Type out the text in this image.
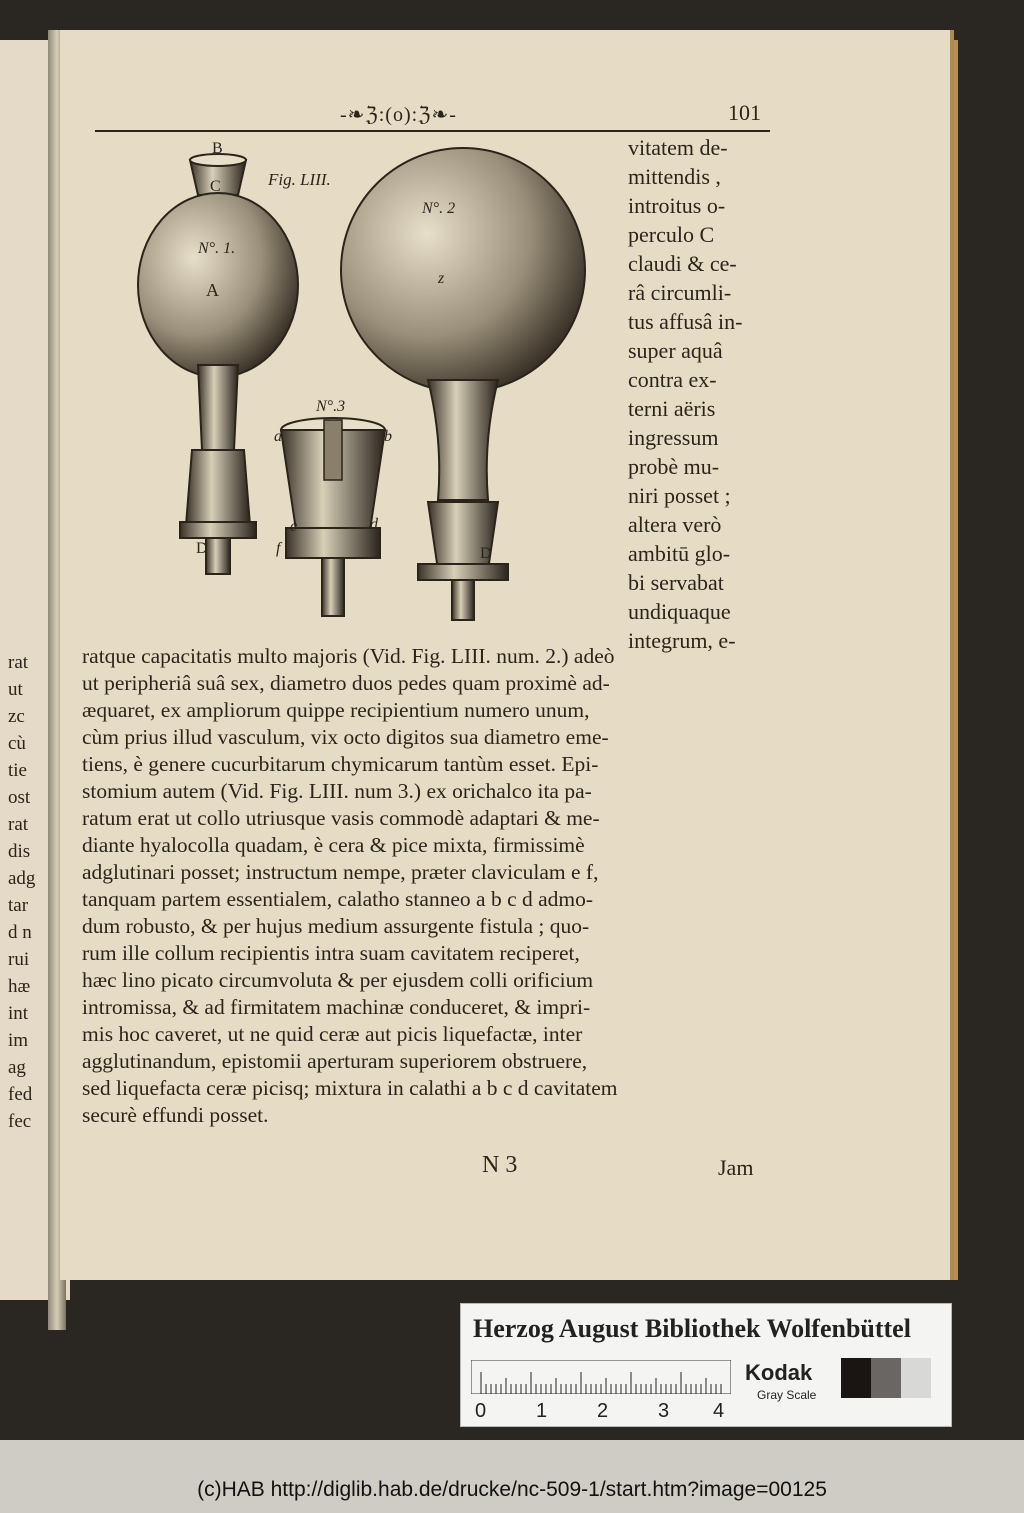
-❧ℨ:(o):ℨ❧-	101
Fig. LIII.
N°. 1.
N°. 2
N°.3
A
B
C
D	D
z
a	b
c	d
f
vitatem de-
mittendis ,
introitus o-
perculo C
claudi & ce-
râ circumli-
tus affusâ in-
super aquâ
contra ex-
terni aëris
ingressum
probè mu-
niri posset ;
altera verò
ambitū glo-
bi servabat
undiquaque
integrum, e-
ratque capacitatis multo majoris (Vid. Fig. LIII. num. 2.) adeò
ut peripheriâ suâ sex, diametro duos pedes quam proximè ad-
æquaret, ex ampliorum quippe recipientium numero unum,
cùm prius illud vasculum, vix octo digitos sua diametro eme-
tiens, è genere cucurbitarum chymicarum tantùm esset. Epi-
stomium autem (Vid. Fig. LIII. num 3.) ex orichalco ita pa-
ratum erat ut collo utriusque vasis commodè adaptari & me-
diante hyalocolla quadam, è cera & pice mixta, firmissimè
adglutinari posset; instructum nempe, præter claviculam e f,
tanquam partem essentialem, calatho stanneo a b c d admo-
dum robusto, & per hujus medium assurgente fistula ; quo-
rum ille collum recipientis intra suam cavitatem reciperet,
hæc lino picato circumvoluta & per ejusdem colli orificium
intromissa, & ad firmitatem machinæ conduceret, & impri-
mis hoc caveret, ut ne quid ceræ aut picis liquefactæ, inter
agglutinandum, epistomii aperturam superiorem obstruere,
sed liquefacta ceræ picisq; mixtura in calathi a b c d cavitatem
securè effundi posset.
N 3	Jam
rat
ut
zc
cù
tie
ost
rat
dis
adg
tar
d n
rui
hæ
int
im
ag
fed
fec
Herzog August Bibliothek Wolfenbüttel
0 1 2 3 4
Kodak
Gray Scale
(c)HAB http://diglib.hab.de/drucke/nc-509-1/start.htm?image=00125
